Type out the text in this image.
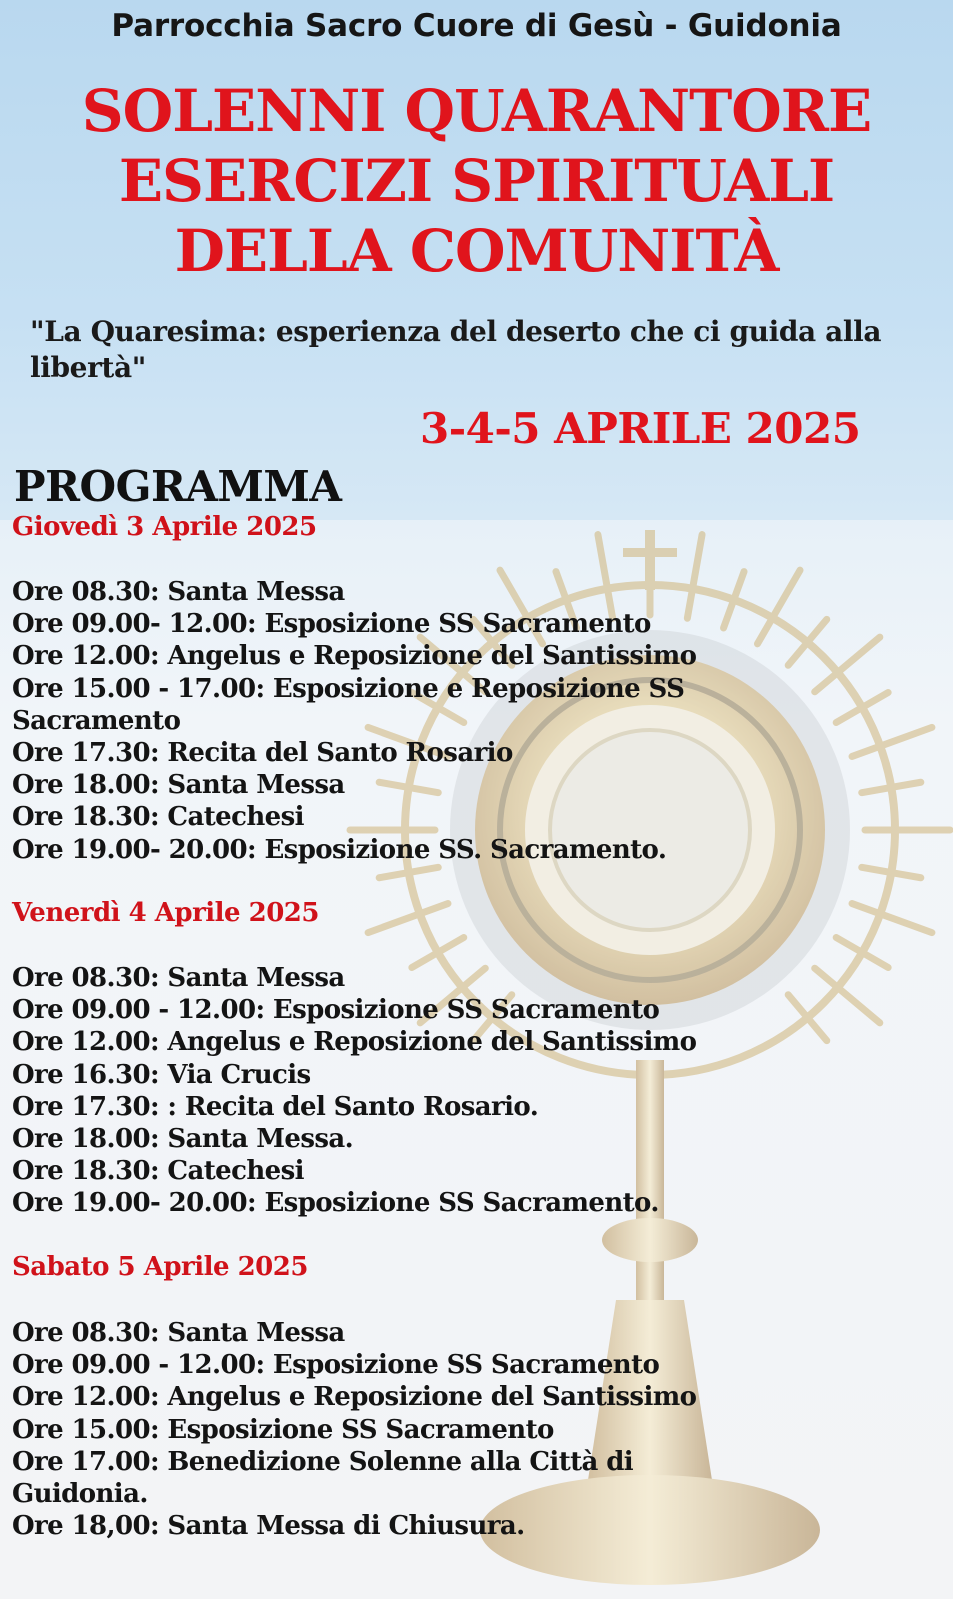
Parrocchia Sacro Cuore di Gesù - Guidonia
SOLENNI QUARANTORE
ESERCIZI SPIRITUALI
DELLA COMUNITÀ
"La Quaresima: esperienza del deserto che ci guida alla libertà"
3-4-5 APRILE 2025
PROGRAMMA
Giovedì 3 Aprile 2025
Ore 08.30: Santa Messa
Ore 09.00- 12.00: Esposizione SS Sacramento
Ore 12.00: Angelus e Reposizione del Santissimo
Ore 15.00 - 17.00: Esposizione e Reposizione SS Sacramento
Ore 17.30: Recita del Santo Rosario
Ore 18.00: Santa Messa
Ore 18.30: Catechesi
Ore 19.00- 20.00: Esposizione SS. Sacramento.
Venerdì 4 Aprile 2025
Ore 08.30: Santa Messa
Ore 09.00 - 12.00: Esposizione SS Sacramento
Ore 12.00: Angelus e Reposizione del Santissimo
Ore 16.30: Via Crucis
Ore 17.30: : Recita del Santo Rosario.
Ore 18.00: Santa Messa.
Ore 18.30: Catechesi
Ore 19.00- 20.00: Esposizione SS Sacramento.
Sabato 5 Aprile 2025
Ore 08.30: Santa Messa
Ore 09.00 - 12.00: Esposizione SS Sacramento
Ore 12.00: Angelus e Reposizione del Santissimo
Ore 15.00: Esposizione SS Sacramento
Ore 17.00: Benedizione Solenne alla Città di Guidonia.
Ore 18,00: Santa Messa di Chiusura.
